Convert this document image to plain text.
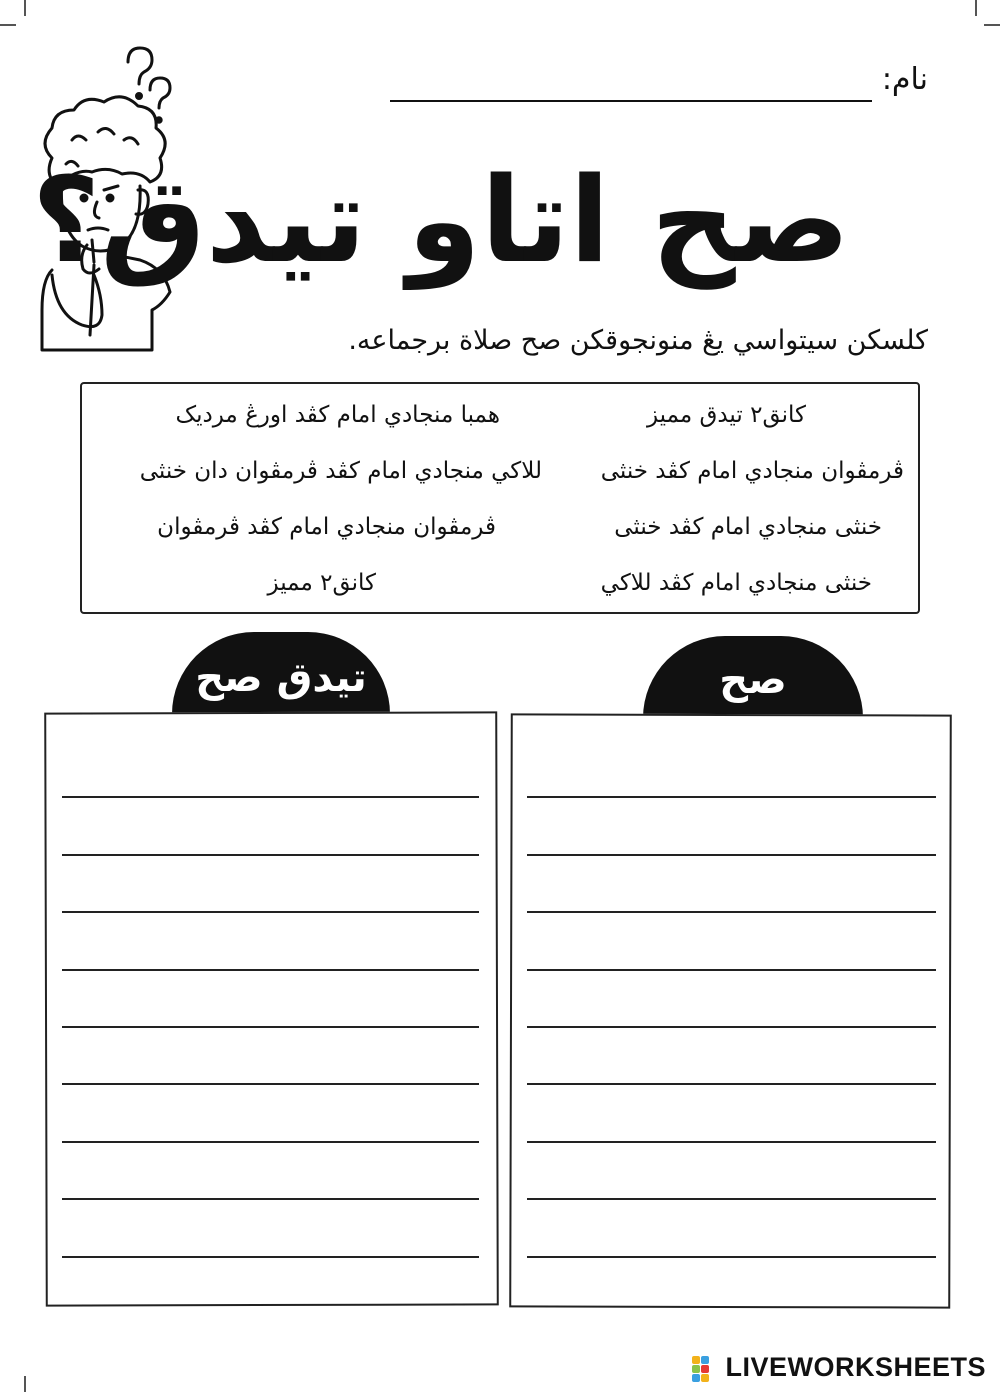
نام:
صح اتاو تيدق؟
كلسكن سيتواسي يڠ منونجوقكن صح صلاة برجماعه.
كانق٢ تيدق مميز
ڤرمڤوان منجادي امام كڤد خنثى
خنثى منجادي امام كڤد خنثى
خنثى منجادي امام كڤد للاكي
همبا منجادي امام كڤد اورڠ مرديک
للاكي منجادي امام كڤد ڤرمڤوان دان خنثى
ڤرمڤوان منجادي امام كڤد ڤرمڤوان
كانق٢ مميز
تيدق صح	صح
LIVEWORKSHEETS
